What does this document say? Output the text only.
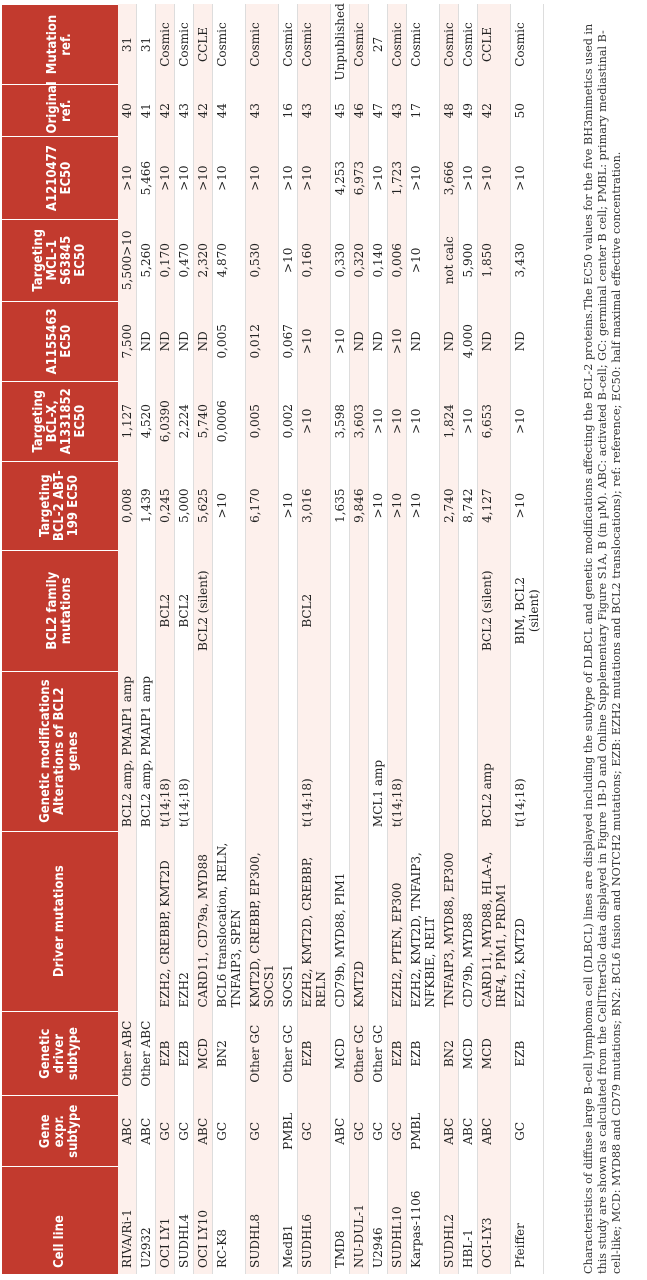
Cell line	Gene expr. subtype	Genetic driver subtype	Driver mutations	Genetic modifications Alterations of BCL2 genes	BCL2 family mutations	Targeting BCL-2 ABT-199 EC50	Targeting BCL-X, A1331852 EC50	A1155463 EC50	Targeting MCL-1 S63845 EC50	A1210477 EC50	Original ref.	Mutation ref.
RIVA/Ri-1	ABC	Other ABC		BCL2 amp, PMAIP1 amp		0,008	1,127	7,500	5,500>10	>10	40	31
U2932	ABC	Other ABC		BCL2 amp, PMAIP1 amp		1,439	4,520	ND	5,260	5,466	41	31
OCI LY1	GC	EZB	EZH2, CREBBP, KMT2D	t(14;18)	BCL2	0,245	6,0390	ND	0,170	>10	42	Cosmic
SUDHL4	GC	EZB	EZH2	t(14;18)	BCL2	5,000	2,224	ND	0,470	>10	43	Cosmic
OCI LY10	ABC	MCD	CARD11, CD79a, MYD88		BCL2 (silent)	5,625	5,740	ND	2,320	>10	42	CCLE
RC-K8	GC	BN2	BCL6 translocation, RELN, TNFAIP3, SPEN			>10	0,0006	0,005	4,870	>10	44	Cosmic
SUDHL8	GC	Other GC	KMT2D, CREBBP, EP300, SOCS1			6,170	0,005	0,012	0,530	>10	43	Cosmic
MedB1	PMBL	Other GC	SOCS1			>10	0,002	0,067	>10	>10	16	Cosmic
SUDHL6	GC	EZB	EZH2, KMT2D, CREBBP, RELN	t(14;18)	BCL2	3,016	>10	>10	0,160	>10	43	Cosmic
TMD8	ABC	MCD	CD79b, MYD88, PIM1			1,635	3,598	>10	0,330	4,253	45	Unpublished
NU-DUL-1	GC	Other GC	KMT2D			9,846	3,603	ND	0,320	6,973	46	Cosmic
U2946	GC	Other GC		MCL1 amp		>10	>10	ND	0,140	>10	47	27
SUDHL10	GC	EZB	EZH2, PTEN, EP300	t(14;18)		>10	>10	>10	0,006	1,723	43	Cosmic
Karpas-1106	PMBL	EZB	EZH2, KMT2D, TNFAIP3, NFKBIE, RELT			>10	>10	ND	>10	>10	17	Cosmic
SUDHL2	ABC	BN2	TNFAIP3, MYD88, EP300			2,740	1,824	ND	not calc	3,666	48	Cosmic
HBL-1	ABC	MCD	CD79b, MYD88			8,742	>10	4,000	5,900	>10	49	Cosmic
OCI-LY3	ABC	MCD	CARD11, MYD88, HLA-A, IRF4, PIM1, PRDM1	BCL2 amp	BCL2 (silent)	4,127	6,653	ND	1,850	>10	42	CCLE
Pfeiffer	GC	EZB	EZH2, KMT2D	t(14;18)	BIM, BCL2 (silent)	>10	>10	ND	3,430	>10	50	Cosmic	Characteristics of diffuse large B-cell lymphoma cell (DLBCL) lines are displayed including the subtype of DLBCL and genetic modifications affecting the BCL-2 proteins.The EC50 values for the five BH3mimetics used in this study are shown as calculated from the CellTiterGlo data displayed in Figure 1B-D and Online Supplementary Figure S1A, B (in µM). ABC: activated B-cell; GC: germinal center B cell; PMBL: primary mediastinal B-cell-like; MCD: MYD88 and CD79 mutations; BN2: BCL6 fusion and NOTCH2 mutations; EZB: EZH2 mutations and BCL2 translocations); ref: reference; EC50: half maximal effective concentration.
